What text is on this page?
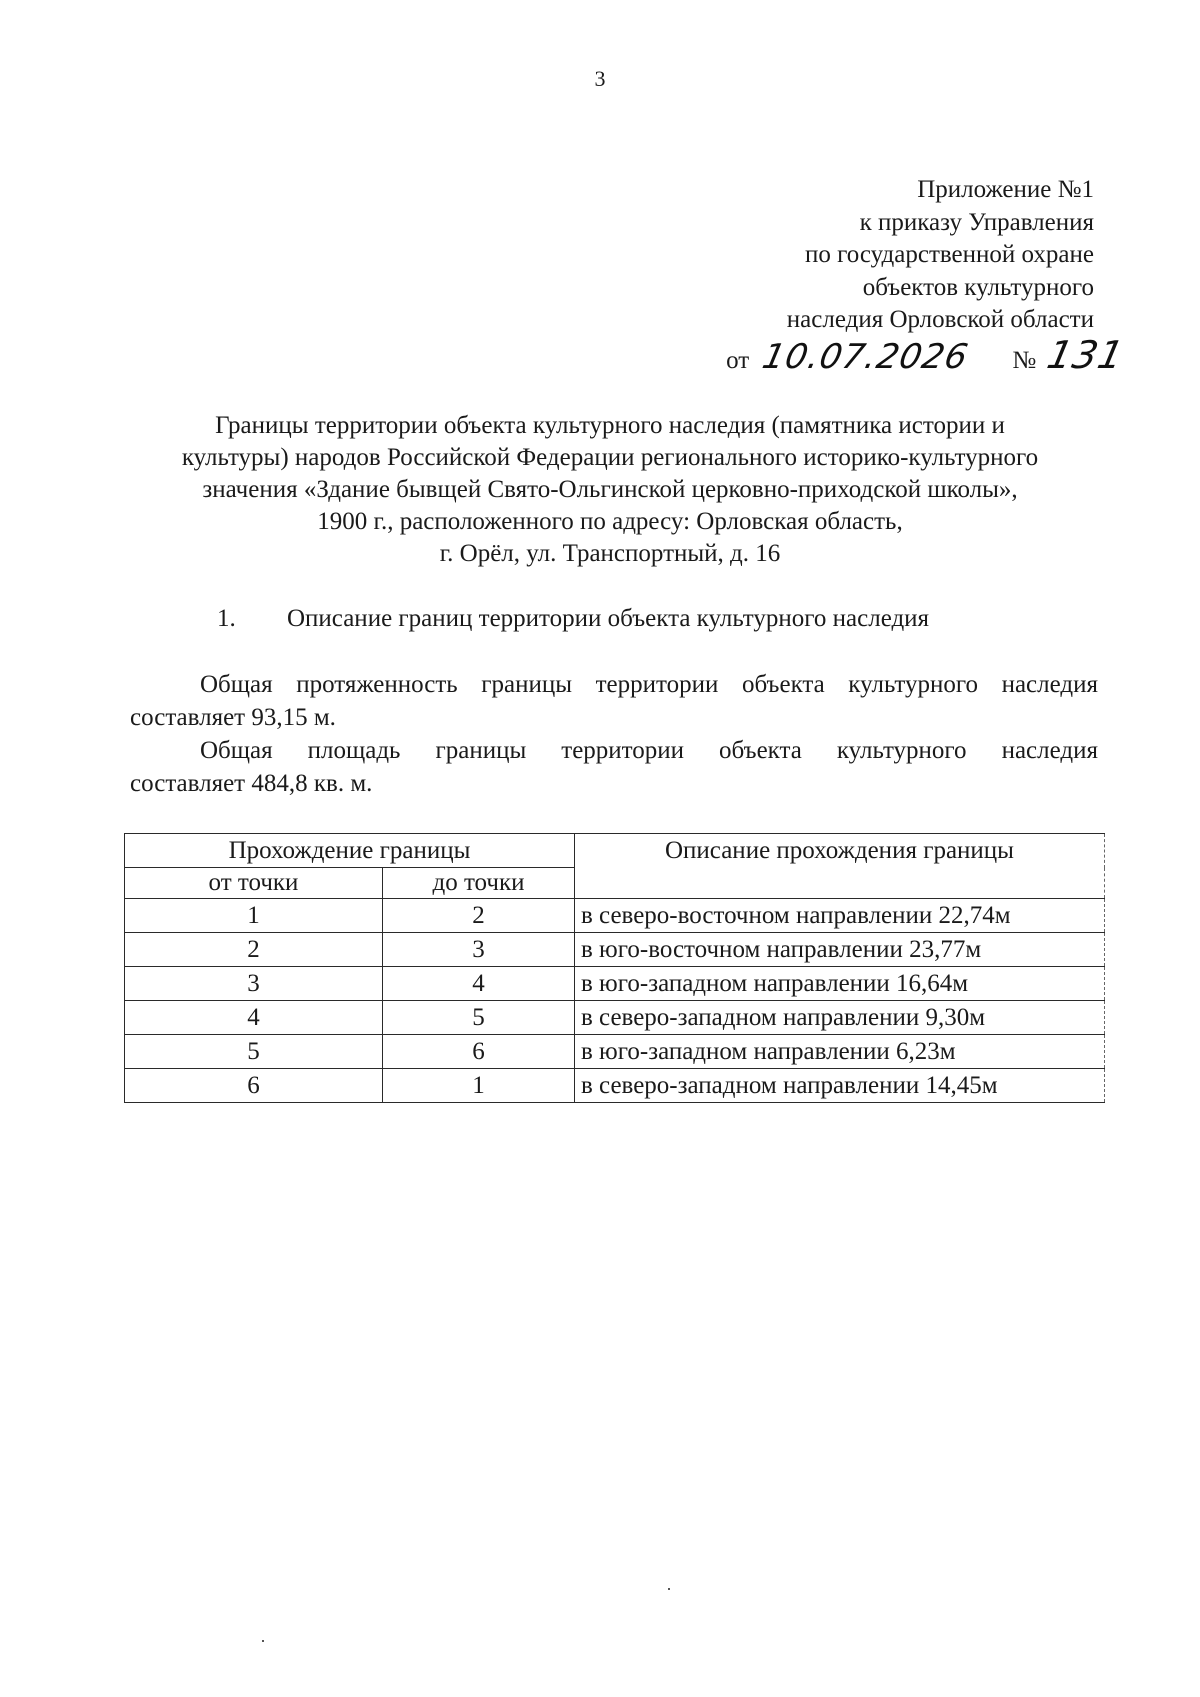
3
Приложение №1
к приказу Управления
по государственной охране
объектов культурного
наследия Орловской области
от 10.07.2026 № 131
Границы территории объекта культурного наследия (памятника истории и
культуры) народов Российской Федерации регионального историко-культурного
значения «Здание бывщей Свято-Ольгинской церковно-приходской школы»,
1900 г., расположенного по адресу: Орловская область,
г. Орёл, ул. Транспортный, д. 16
1. Описание границ территории объекта культурного наследия
Общая протяженность границы территории объекта культурного наследия
составляет 93,15 м.
Общая площадь границы территории объекта культурного наследия
составляет 484,8 кв. м.
Прохождение границы		Описание прохождения границы
от точки	до точки	
1	2	в северо-восточном направлении 22,74м
2	3	в юго-восточном направлении 23,77м
3	4	в юго-западном направлении 16,64м
4	5	в северо-западном направлении 9,30м
5	6	в юго-западном направлении 6,23м
6	1	в северо-западном направлении 14,45м
